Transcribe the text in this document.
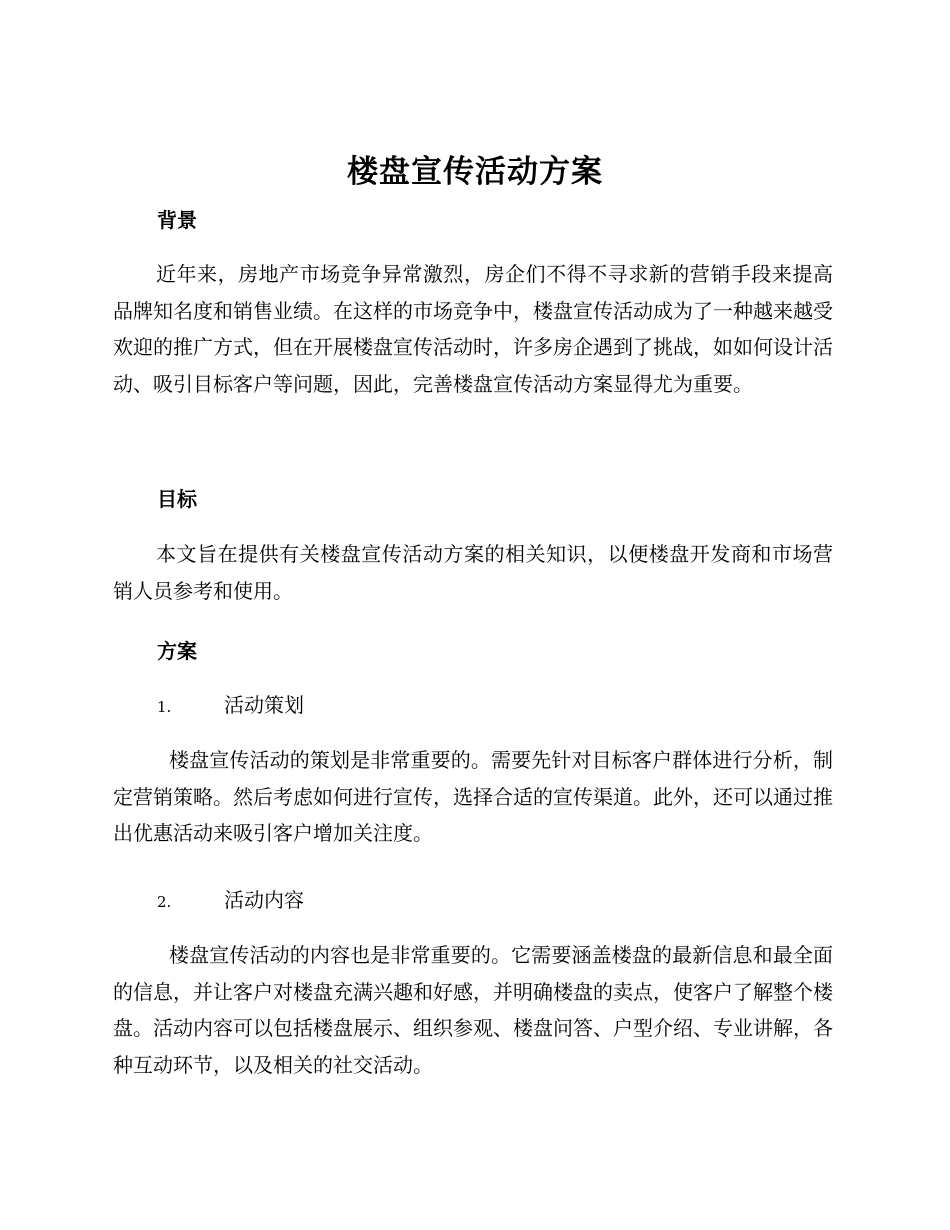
楼盘宣传活动方案
背景

近年来，房地产市场竞争异常激烈，房企们不得不寻求新的营销手段来提高品牌知名度和销售业绩。在这样的市场竞争中，楼盘宣传活动成为了一种越来越受欢迎的推广方式，但在开展楼盘宣传活动时，许多房企遇到了挑战，如如何设计活动、吸引目标客户等问题，因此，完善楼盘宣传活动方案显得尤为重要。

目标

本文旨在提供有关楼盘宣传活动方案的相关知识，以便楼盘开发商和市场营销人员参考和使用。

方案
1.	活动策划

楼盘宣传活动的策划是非常重要的。需要先针对目标客户群体进行分析，制定营销策略。然后考虑如何进行宣传，选择合适的宣传渠道。此外，还可以通过推出优惠活动来吸引客户增加关注度。

2.	活动内容

楼盘宣传活动的内容也是非常重要的。它需要涵盖楼盘的最新信息和最全面的信息，并让客户对楼盘充满兴趣和好感，并明确楼盘的卖点，使客户了解整个楼盘。活动内容可以包括楼盘展示、组织参观、楼盘问答、户型介绍、专业讲解，各种互动环节，以及相关的社交活动。
